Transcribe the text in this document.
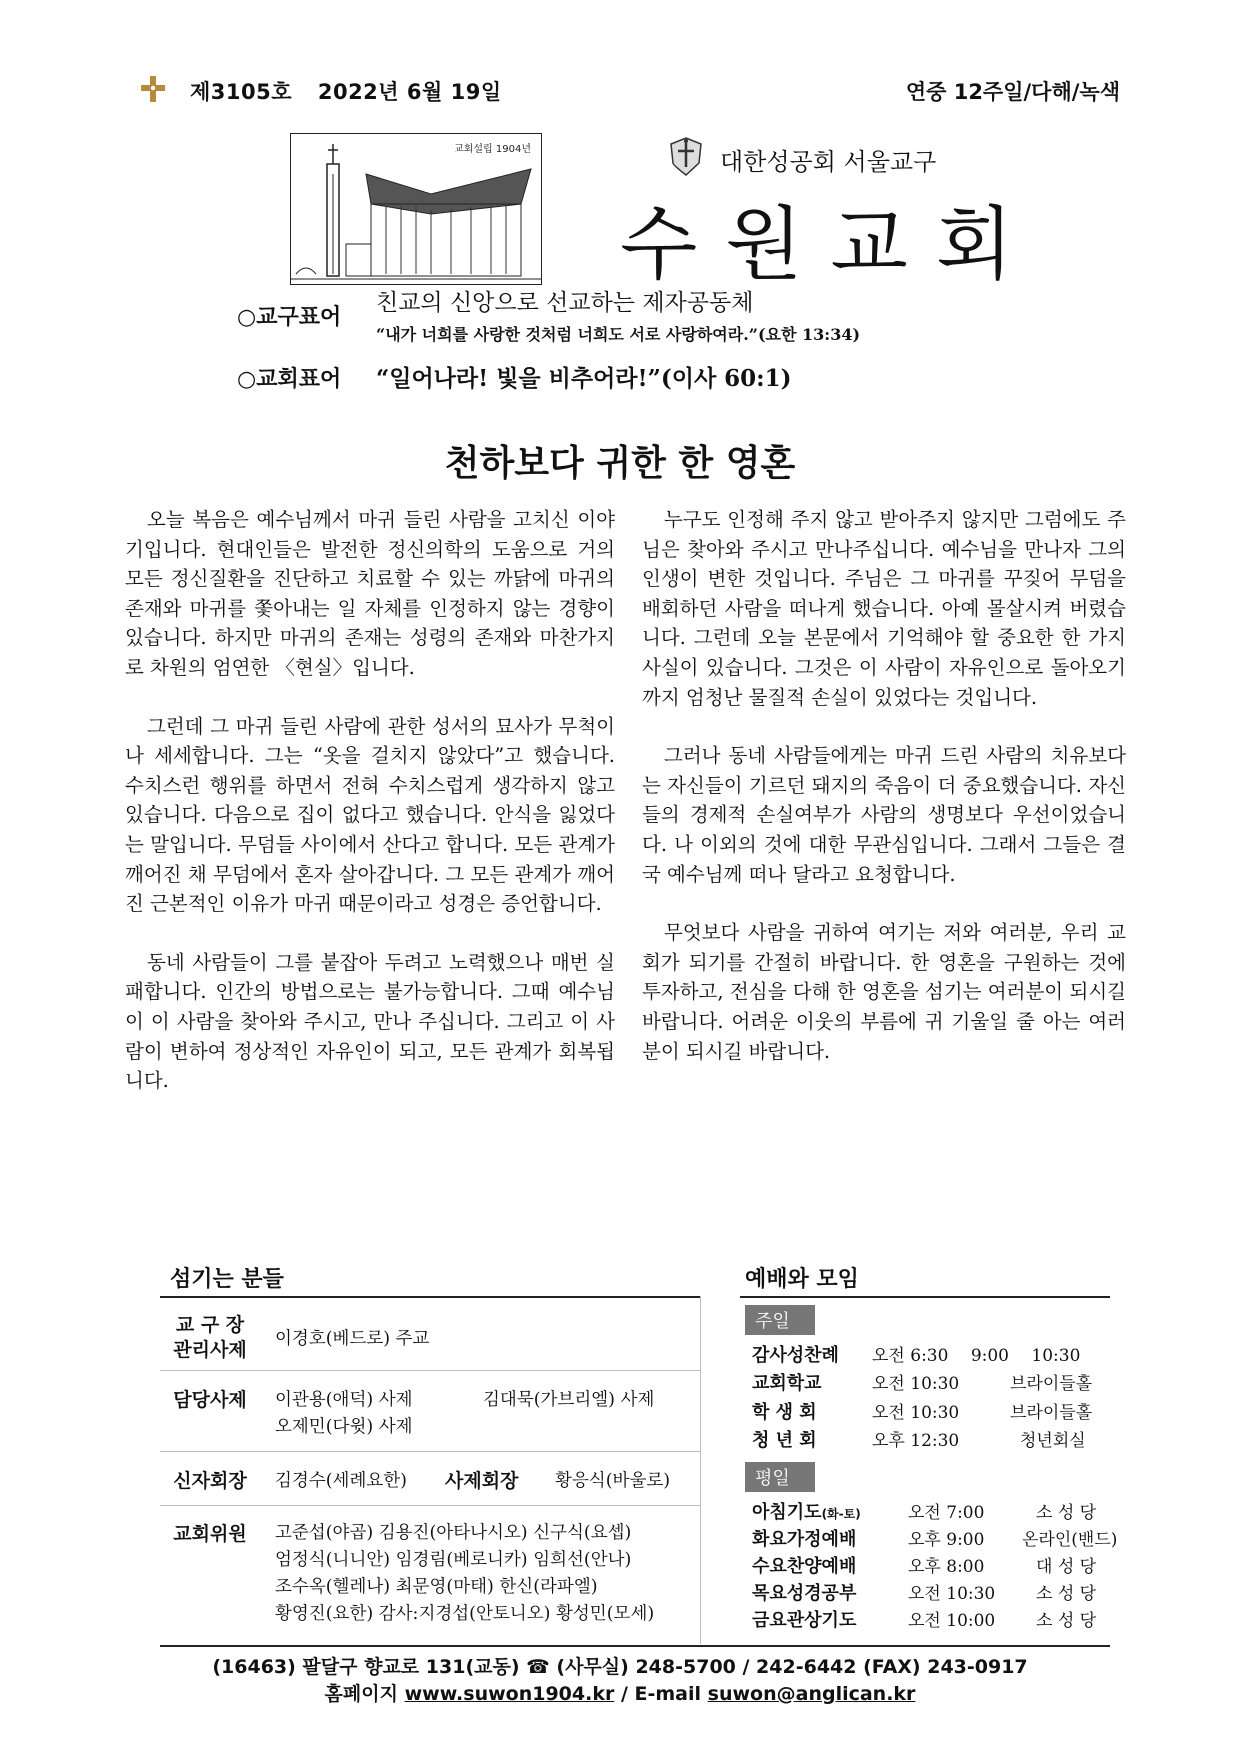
제3105호 2022년 6월 19일	연중 12주일/다해/녹색
교회설립 1904년	대한성공회 서울교구
수원교회
○교구표어
친교의 신앙으로 선교하는 제자공동체
“내가 너희를 사랑한 것처럼 너희도 서로 사랑하여라.”(요한 13:34)
○교회표어 “일어나라! 빛을 비추어라!”(이사 60:1)
천하보다 귀한 한 영혼

오늘 복음은 예수님께서 마귀 들린 사람을 고치신 이야기입니다. 현대인들은 발전한 정신의학의 도움으로 거의 모든 정신질환을 진단하고 치료할 수 있는 까닭에 마귀의 존재와 마귀를 쫓아내는 일 자체를 인정하지 않는 경향이 있습니다. 하지만 마귀의 존재는 성령의 존재와 마찬가지로 차원의 엄연한 〈현실〉입니다.

그런데 그 마귀 들린 사람에 관한 성서의 묘사가 무척이나 세세합니다. 그는 “옷을 걸치지 않았다”고 했습니다. 수치스런 행위를 하면서 전혀 수치스럽게 생각하지 않고 있습니다. 다음으로 집이 없다고 했습니다. 안식을 잃었다는 말입니다. 무덤들 사이에서 산다고 합니다. 모든 관계가 깨어진 채 무덤에서 혼자 살아갑니다. 그 모든 관계가 깨어진 근본적인 이유가 마귀 때문이라고 성경은 증언합니다.

동네 사람들이 그를 붙잡아 두려고 노력했으나 매번 실패합니다. 인간의 방법으로는 불가능합니다. 그때 예수님이 이 사람을 찾아와 주시고, 만나 주십니다. 그리고 이 사람이 변하여 정상적인 자유인이 되고, 모든 관계가 회복됩니다.

누구도 인정해 주지 않고 받아주지 않지만 그럼에도 주님은 찾아와 주시고 만나주십니다. 예수님을 만나자 그의 인생이 변한 것입니다. 주님은 그 마귀를 꾸짖어 무덤을 배회하던 사람을 떠나게 했습니다. 아예 몰살시켜 버렸습니다. 그런데 오늘 본문에서 기억해야 할 중요한 한 가지 사실이 있습니다. 그것은 이 사람이 자유인으로 돌아오기까지 엄청난 물질적 손실이 있었다는 것입니다.

그러나 동네 사람들에게는 마귀 드린 사람의 치유보다는 자신들이 기르던 돼지의 죽음이 더 중요했습니다. 자신들의 경제적 손실여부가 사람의 생명보다 우선이었습니다. 나 이외의 것에 대한 무관심입니다. 그래서 그들은 결국 예수님께 떠나 달라고 요청합니다.

무엇보다 사람을 귀하여 여기는 저와 여러분, 우리 교회가 되기를 간절히 바랍니다. 한 영혼을 구원하는 것에 투자하고, 전심을 다해 한 영혼을 섬기는 여러분이 되시길 바랍니다. 어려운 이웃의 부름에 귀 기울일 줄 아는 여러분이 되시길 바랍니다.

섬기는 분들
교 구 장
관리사제	이경호(베드로) 주교
담당사제	이관용(애덕) 사제	김대묵(가브리엘) 사제
오제민(다윗) 사제
신자회장	김경수(세례요한) 사제회장 황응식(바울로)
교회위원	고준섭(야곱) 김용진(아타나시오) 신구식(요셉)
엄정식(니니안) 임경림(베로니카) 임희선(안나)
조수옥(헬레나) 최문영(마태) 한신(라파엘)
황영진(요한) 감사:지경섭(안토니오) 황성민(모세)
예배와 모임
주일
감사성찬례 오전 6:30　 9:00　 10:30
교회학교	오전 10:30	브라이들홀
학 생 회	오전 10:30	브라이들홀
청 년 회	오후 12:30	청년회실
평일
아침기도(화-토)	오전 7:00	소 성 당
화요가정예배	오후 9:00 온라인(밴드)
수요찬양예배	오후 8:00	대 성 당
목요성경공부	오전 10:30 소 성 당
금요관상기도	오전 10:00 소 성 당
(16463) 팔달구 향교로 131(교동) ☎ (사무실) 248-5700 / 242-6442 (FAX) 243-0917
홈페이지 www.suwon1904.kr / E-mail suwon@anglican.kr
